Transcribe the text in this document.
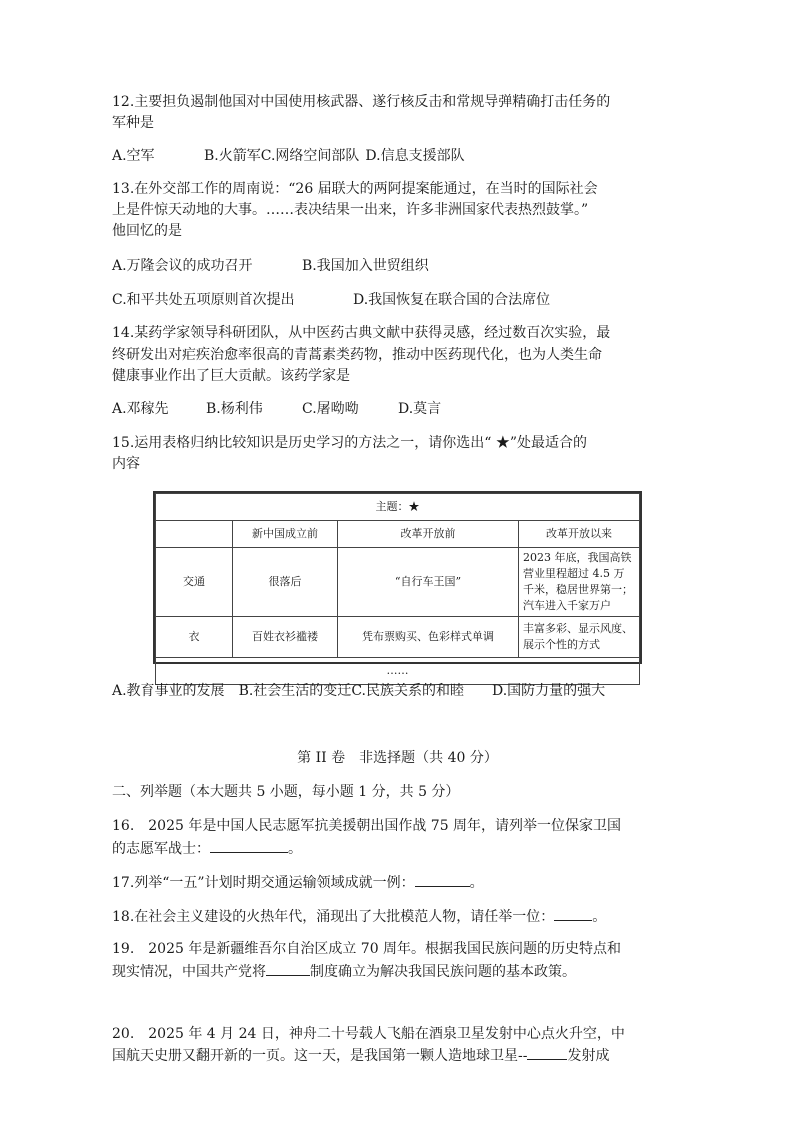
12.主要担负遏制他国对中国使用核武器、遂行核反击和常规导弹精确打击任务的
军种是
A.空军	B.火箭军C.网络空间部队 D.信息支援部队
13.在外交部工作的周南说：“26 届联大的两阿提案能通过，在当时的国际社会
上是件惊天动地的大事。……表决结果一出来，许多非洲国家代表热烈鼓掌。”
他回忆的是
A.万隆会议的成功召开	B.我国加入世贸组织
C.和平共处五项原则首次提出	D.我国恢复在联合国的合法席位
14.某药学家领导科研团队，从中医药古典文献中获得灵感，经过数百次实验，最
终研发出对疟疾治愈率很高的青蒿素类药物，推动中医药现代化，也为人类生命
健康事业作出了巨大贡献。该药学家是
A.邓稼先	B.杨利伟	C.屠呦呦	D.莫言
15.运用表格归纳比较知识是历史学习的方法之一，请你选出“ ★”处最适合的
内容
主题：★			
	新中国成立前	改革开放前	改革开放以来
交通	很落后	“自行车王国”	2023 年底，我国高铁营业里程超过 4.5 万千米，稳居世界第一；汽车进入千家万户
衣	百姓衣衫褴褛	凭布票购买、色彩样式单调	丰富多彩、显示风度、展示个性的方式
……			
A.教育事业的发展 B.社会生活的变迁C.民族关系的和睦 D.国防力量的强大
第 II 卷　非选择题（共 40 分）
二、列举题（本大题共 5 小题，每小题 1 分，共 5 分）
16.　2025 年是中国人民志愿军抗美援朝出国作战 75 周年，请列举一位保家卫国
的志愿军战士：	。
17.列举“一五”计划时期交通运输领域成就一例：	。
18.在社会主义建设的火热年代，涌现出了大批模范人物，请任举一位：	。
19.　2025 年是新疆维吾尔自治区成立 70 周年。根据我国民族问题的历史特点和
现实情况，中国共产党将	制度确立为解决我国民族问题的基本政策。
20.　2025 年 4 月 24 日，神舟二十号载人飞船在酒泉卫星发射中心点火升空，中
国航天史册又翻开新的一页。这一天，是我国第一颗人造地球卫星--	发射成
